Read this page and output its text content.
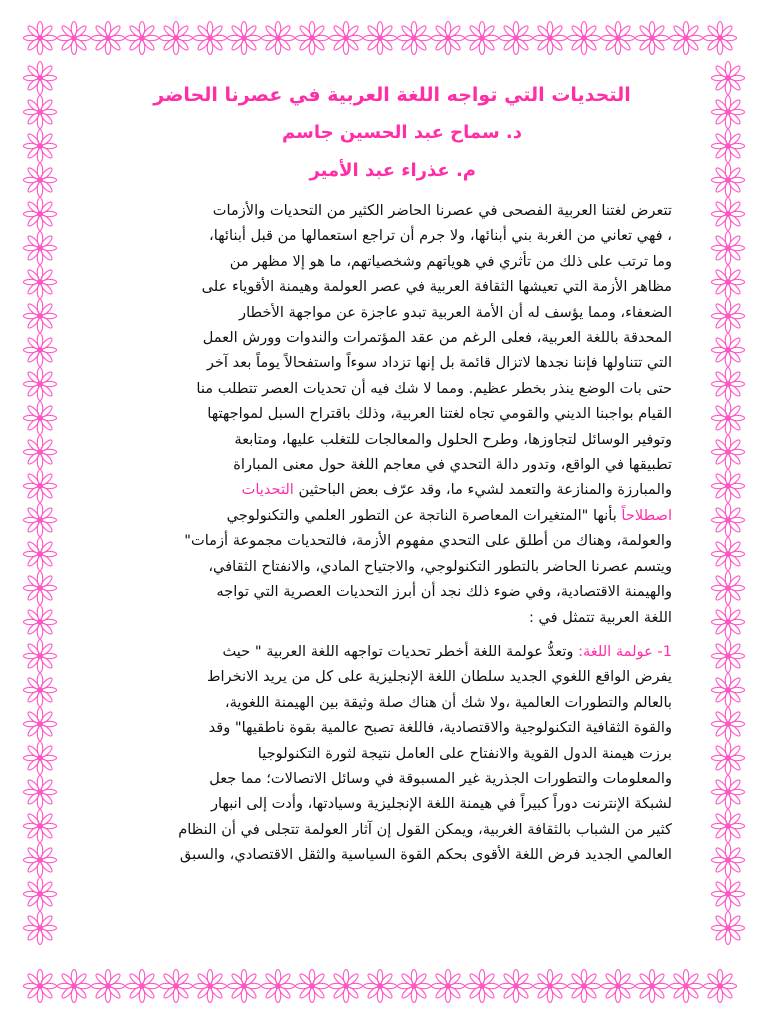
التحديات التي تواجه اللغة العربية في عصرنا الحاضر
د. سماح عبد الحسين جاسم
م. عذراء عبد الأمير

تتعرض لغتنا العربية الفصحى في عصرنا الحاضر الكثير من التحديات والأزمات

، فهي تعاني من الغربة بني أبنائها، ولا جرم أن تراجع استعمالها من قبل أبنائها،

وما ترتب على ذلك من تأثري في هوياتهم وشخصياتهم، ما هو إلا مظهر من

مظاهر الأزمة التي تعيشها الثقافة العربية في عصر العولمة وهيمنة الأقوياء على

الضعفاء، ومما يؤسف له أن الأمة العربية تبدو عاجزة عن مواجهة الأخطار

المحدقة باللغة العربية، فعلى الرغم من عقد المؤتمرات والندوات وورش العمل

التي تتناولها فإننا نجدها لاتزال قائمة بل إنها تزداد سوءاً واستفحالاً يوماً بعد آخر

حتى بات الوضع ينذر بخطر عظيم. ومما لا شك فيه أن تحديات العصر تتطلب منا

القيام بواجبنا الديني والقومي تجاه لغتنا العربية، وذلك باقتراح السبل لمواجهتها

وتوفير الوسائل لتجاوزها، وطرح الحلول والمعالجات للتغلب عليها، ومتابعة

تطبيقها في الواقع، وتدور دالة التحدي في معاجم اللغة حول معنى المباراة

والمبارزة والمنازعة والتعمد لشيء ما، وقد عرّف بعض الباحثين التحديات

اصطلاحاً بأنها "المتغيرات المعاصرة الناتجة عن التطور العلمي والتكنولوجي

والعولمة، وهناك من أطلق على التحدي مفهوم الأزمة، فالتحديات مجموعة أزمات"

ويتسم عصرنا الحاضر بالتطور التكنولوجي، والاجتياح المادي، والانفتاح الثقافي،

والهيمنة الاقتصادية، وفي ضوء ذلك نجد أن أبرز التحديات العصرية التي تواجه

اللغة العربية تتمثل في :

1- عولمة اللغة: وتعدُّ عولمة اللغة أخطر تحديات تواجهه اللغة العربية " حيث

يفرض الواقع اللغوي الجديد سلطان اللغة الإنجليزية على كل من يريد الانخراط

بالعالم والتطورات العالمية ،ولا شك أن هناك صلة وثيقة بين الهيمنة اللغوية،

والقوة الثقافية التكنولوجية والاقتصادية، فاللغة تصبح عالمية بقوة ناطقيها" وقد

برزت هيمنة الدول القوية والانفتاح على العامل نتيجة لثورة التكنولوجيا

والمعلومات والتطورات الجذرية غير المسبوقة في وسائل الاتصالات؛ مما جعل

لشبكة الإنترنت دوراً كبيراً في هيمنة اللغة الإنجليزية وسيادتها، وأدت إلى انبهار

كثير من الشباب بالثقافة الغربية، ويمكن القول إن آثار العولمة تتجلى في أن النظام

العالمي الجديد فرض اللغة الأقوى بحكم القوة السياسية والثقل الاقتصادي، والسبق
